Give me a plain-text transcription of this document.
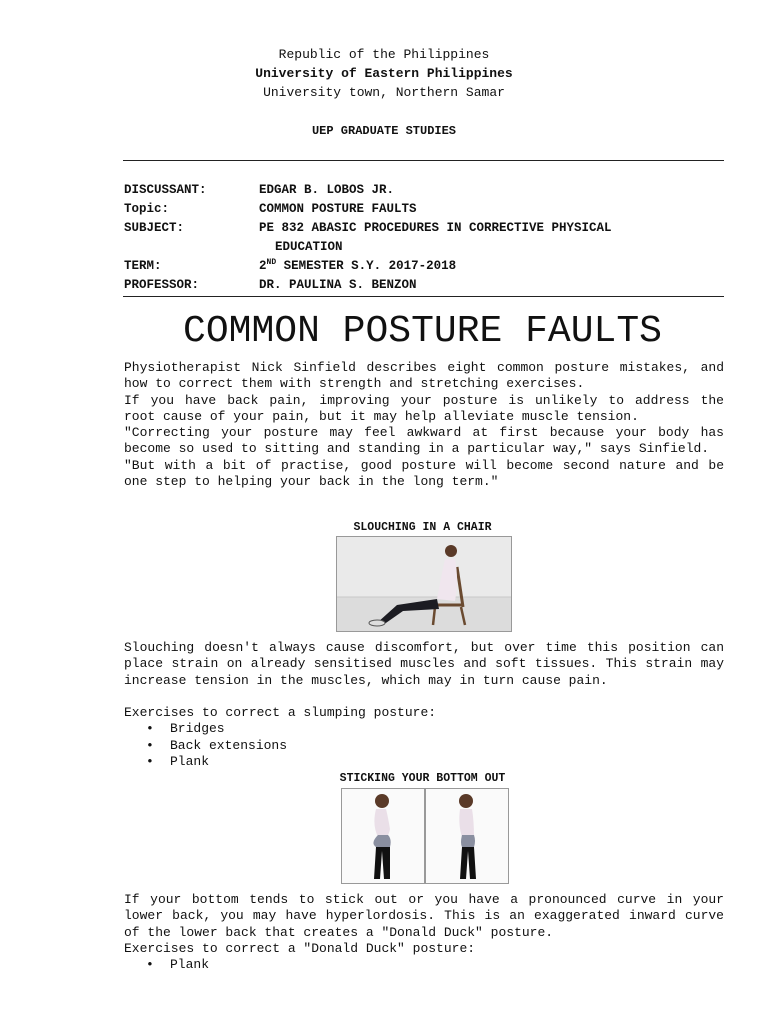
Republic of the Philippines
University of Eastern Philippines
University town, Northern Samar
UEP GRADUATE STUDIES
DISCUSSANT:	EDGAR B. LOBOS JR.
Topic:	COMMON POSTURE FAULTS
SUBJECT:	PE 832 ABASIC PROCEDURES IN CORRECTIVE PHYSICAL
EDUCATION
TERM:	2ND SEMESTER S.Y. 2017-2018
PROFESSOR:	DR. PAULINA S. BENZON
COMMON POSTURE FAULTS

Physiotherapist Nick Sinfield describes eight common posture mistakes, and how to correct them with strength and stretching exercises.

If you have back pain, improving your posture is unlikely to address the root cause of your pain, but it may help alleviate muscle tension.

"Correcting your posture may feel awkward at first because your body has become so used to sitting and standing in a particular way," says Sinfield.

"But with a bit of practise, good posture will become second nature and be one step to helping your back in the long term."

SLOUCHING IN A CHAIR
Slouching doesn't always cause discomfort, but over time this position can place strain on already sensitised muscles and soft tissues. This strain may increase tension in the muscles, which may in turn cause pain.
Exercises to correct a slumping posture:
• Bridges
• Back extensions
• Plank
STICKING YOUR BOTTOM OUT
If your bottom tends to stick out or you have a pronounced curve in your lower back, you may have hyperlordosis. This is an exaggerated inward curve of the lower back that creates a "Donald Duck" posture.
Exercises to correct a "Donald Duck" posture:
• Plank
